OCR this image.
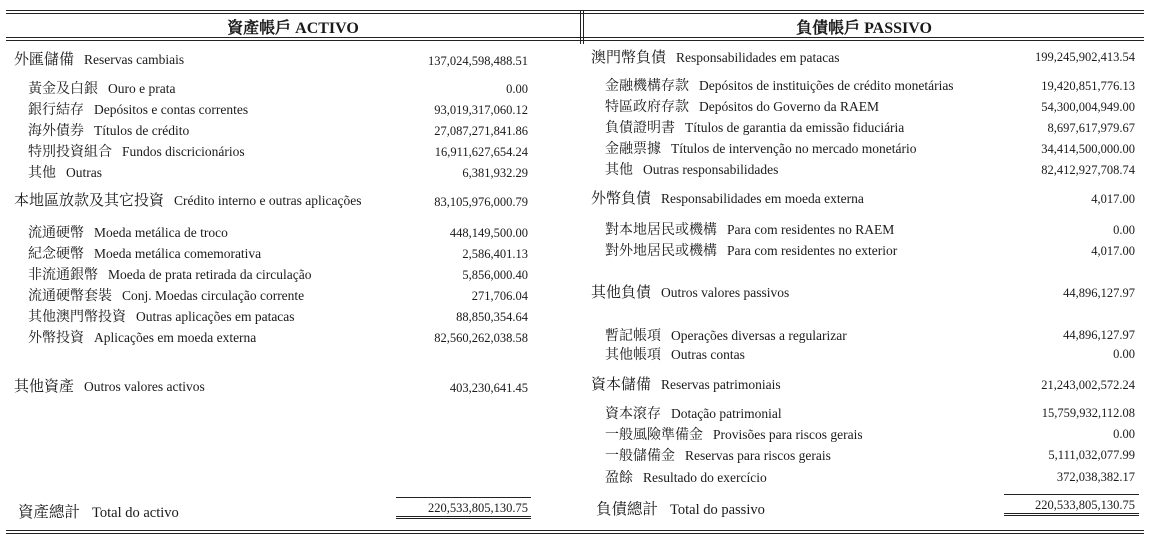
資產帳戶 ACTIVO	負債帳戶 PASSIVO
外匯儲備 Reservas cambiais	137,024,598,488.51
黃金及白銀 Ouro e prata	0.00
銀行結存 Depósitos e contas correntes	93,019,317,060.12
海外債券 Títulos de crédito	27,087,271,841.86
特別投資組合 Fundos discricionários	16,911,627,654.24
其他 Outras	6,381,932.29
本地區放款及其它投資 Crédito interno e outras aplicações	83,105,976,000.79
流通硬幣 Moeda metálica de troco	448,149,500.00
紀念硬幣 Moeda metálica comemorativa	2,586,401.13
非流通銀幣 Moeda de prata retirada da circulação	5,856,000.40
流通硬幣套裝 Conj. Moedas circulação corrente	271,706.04
其他澳門幣投資 Outras aplicações em patacas	88,850,354.64
外幣投資 Aplicações em moeda externa	82,560,262,038.58
其他資產 Outros valores activos	403,230,641.45
資產總計 Total do activo	220,533,805,130.75
澳門幣負債 Responsabilidades em patacas	199,245,902,413.54
金融機構存款 Depósitos de instituições de crédito monetárias	19,420,851,776.13
特區政府存款 Depósitos do Governo da RAEM	54,300,004,949.00
負債證明書 Títulos de garantia da emissão fiduciária	8,697,617,979.67
金融票據 Títulos de intervenção no mercado monetário	34,414,500,000.00
其他 Outras responsabilidades	82,412,927,708.74
外幣負債 Responsabilidades em moeda externa	4,017.00
對本地居民或機構 Para com residentes no RAEM	0.00
對外地居民或機構 Para com residentes no exterior	4,017.00
其他負債 Outros valores passivos	44,896,127.97
暫記帳項 Operações diversas a regularizar	44,896,127.97
其他帳項 Outras contas	0.00
資本儲備 Reservas patrimoniais	21,243,002,572.24
資本滾存 Dotação patrimonial	15,759,932,112.08
一般風險準備金 Provisões para riscos gerais	0.00
一般儲備金 Reservas para riscos gerais	5,111,032,077.99
盈餘 Resultado do exercício	372,038,382.17
負債總計 Total do passivo	220,533,805,130.75
